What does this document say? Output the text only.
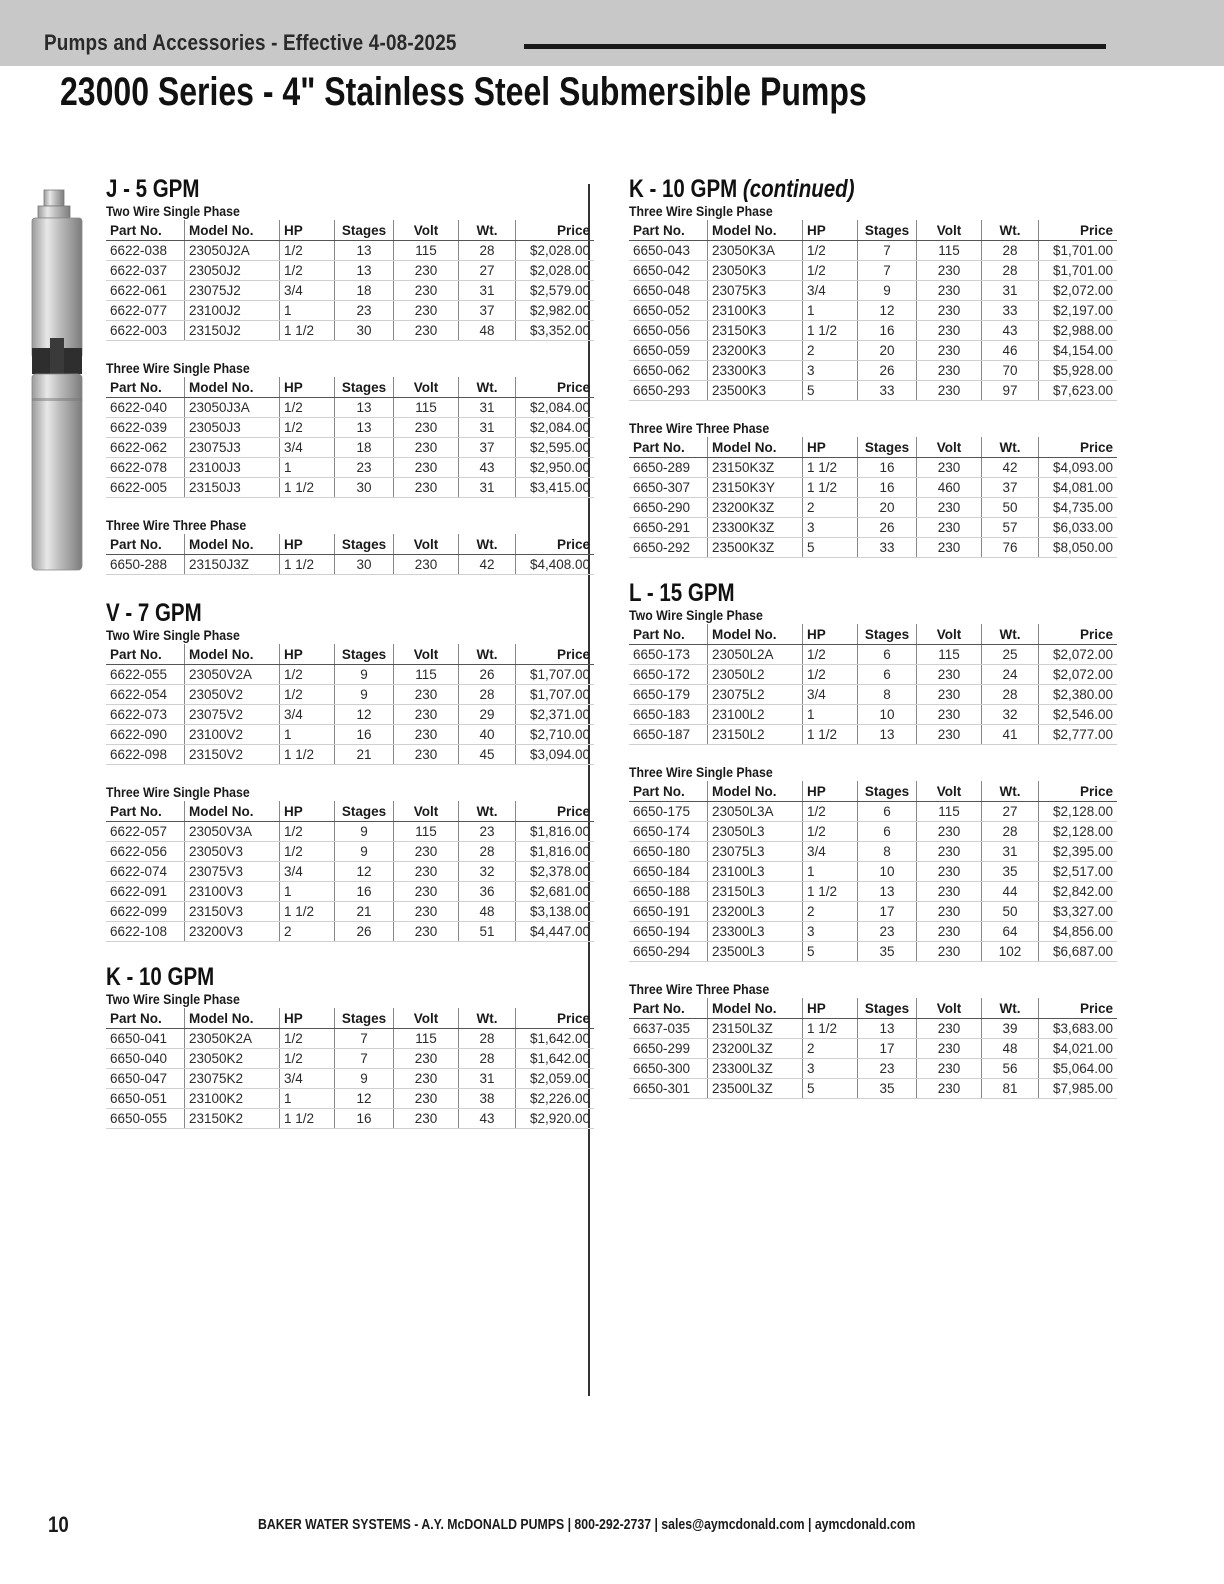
Pumps and Accessories - Effective 4-08-2025
23000 Series - 4" Stainless Steel Submersible Pumps
J - 5 GPM
Two Wire Single Phase
Part No.	Model No.	HP	Stages	Volt	Wt.	Price
6622-038	23050J2A	1/2	13	115	28	$2,028.00
6622-037	23050J2	1/2	13	230	27	$2,028.00
6622-061	23075J2	3/4	18	230	31	$2,579.00
6622-077	23100J2	1	23	230	37	$2,982.00
6622-003	23150J2	1 1/2	30	230	48	$3,352.00
Three Wire Single Phase
Part No.	Model No.	HP	Stages	Volt	Wt.	Price
6622-040	23050J3A	1/2	13	115	31	$2,084.00
6622-039	23050J3	1/2	13	230	31	$2,084.00
6622-062	23075J3	3/4	18	230	37	$2,595.00
6622-078	23100J3	1	23	230	43	$2,950.00
6622-005	23150J3	1 1/2	30	230	31	$3,415.00
Three Wire Three Phase
Part No.	Model No.	HP	Stages	Volt	Wt.	Price
6650-288	23150J3Z	1 1/2	30	230	42	$4,408.00
V - 7 GPM
Two Wire Single Phase
Part No.	Model No.	HP	Stages	Volt	Wt.	Price
6622-055	23050V2A	1/2	9	115	26	$1,707.00
6622-054	23050V2	1/2	9	230	28	$1,707.00
6622-073	23075V2	3/4	12	230	29	$2,371.00
6622-090	23100V2	1	16	230	40	$2,710.00
6622-098	23150V2	1 1/2	21	230	45	$3,094.00
Three Wire Single Phase
Part No.	Model No.	HP	Stages	Volt	Wt.	Price
6622-057	23050V3A	1/2	9	115	23	$1,816.00
6622-056	23050V3	1/2	9	230	28	$1,816.00
6622-074	23075V3	3/4	12	230	32	$2,378.00
6622-091	23100V3	1	16	230	36	$2,681.00
6622-099	23150V3	1 1/2	21	230	48	$3,138.00
6622-108	23200V3	2	26	230	51	$4,447.00
K - 10 GPM
Two Wire Single Phase
Part No.	Model No.	HP	Stages	Volt	Wt.	Price
6650-041	23050K2A	1/2	7	115	28	$1,642.00
6650-040	23050K2	1/2	7	230	28	$1,642.00
6650-047	23075K2	3/4	9	230	31	$2,059.00
6650-051	23100K2	1	12	230	38	$2,226.00
6650-055	23150K2	1 1/2	16	230	43	$2,920.00
K - 10 GPM (continued)
Three Wire Single Phase
Part No.	Model No.	HP	Stages	Volt	Wt.	Price
6650-043	23050K3A	1/2	7	115	28	$1,701.00
6650-042	23050K3	1/2	7	230	28	$1,701.00
6650-048	23075K3	3/4	9	230	31	$2,072.00
6650-052	23100K3	1	12	230	33	$2,197.00
6650-056	23150K3	1 1/2	16	230	43	$2,988.00
6650-059	23200K3	2	20	230	46	$4,154.00
6650-062	23300K3	3	26	230	70	$5,928.00
6650-293	23500K3	5	33	230	97	$7,623.00
Three Wire Three Phase
Part No.	Model No.	HP	Stages	Volt	Wt.	Price
6650-289	23150K3Z	1 1/2	16	230	42	$4,093.00
6650-307	23150K3Y	1 1/2	16	460	37	$4,081.00
6650-290	23200K3Z	2	20	230	50	$4,735.00
6650-291	23300K3Z	3	26	230	57	$6,033.00
6650-292	23500K3Z	5	33	230	76	$8,050.00
L - 15 GPM
Two Wire Single Phase
Part No.	Model No.	HP	Stages	Volt	Wt.	Price
6650-173	23050L2A	1/2	6	115	25	$2,072.00
6650-172	23050L2	1/2	6	230	24	$2,072.00
6650-179	23075L2	3/4	8	230	28	$2,380.00
6650-183	23100L2	1	10	230	32	$2,546.00
6650-187	23150L2	1 1/2	13	230	41	$2,777.00
Three Wire Single Phase
Part No.	Model No.	HP	Stages	Volt	Wt.	Price
6650-175	23050L3A	1/2	6	115	27	$2,128.00
6650-174	23050L3	1/2	6	230	28	$2,128.00
6650-180	23075L3	3/4	8	230	31	$2,395.00
6650-184	23100L3	1	10	230	35	$2,517.00
6650-188	23150L3	1 1/2	13	230	44	$2,842.00
6650-191	23200L3	2	17	230	50	$3,327.00
6650-194	23300L3	3	23	230	64	$4,856.00
6650-294	23500L3	5	35	230	102	$6,687.00
Three Wire Three Phase
Part No.	Model No.	HP	Stages	Volt	Wt.	Price
6637-035	23150L3Z	1 1/2	13	230	39	$3,683.00
6650-299	23200L3Z	2	17	230	48	$4,021.00
6650-300	23300L3Z	3	23	230	56	$5,064.00
6650-301	23500L3Z	5	35	230	81	$7,985.00
10	BAKER WATER SYSTEMS - A.Y. McDONALD PUMPS | 800-292-2737 | sales@aymcdonald.com | aymcdonald.com
